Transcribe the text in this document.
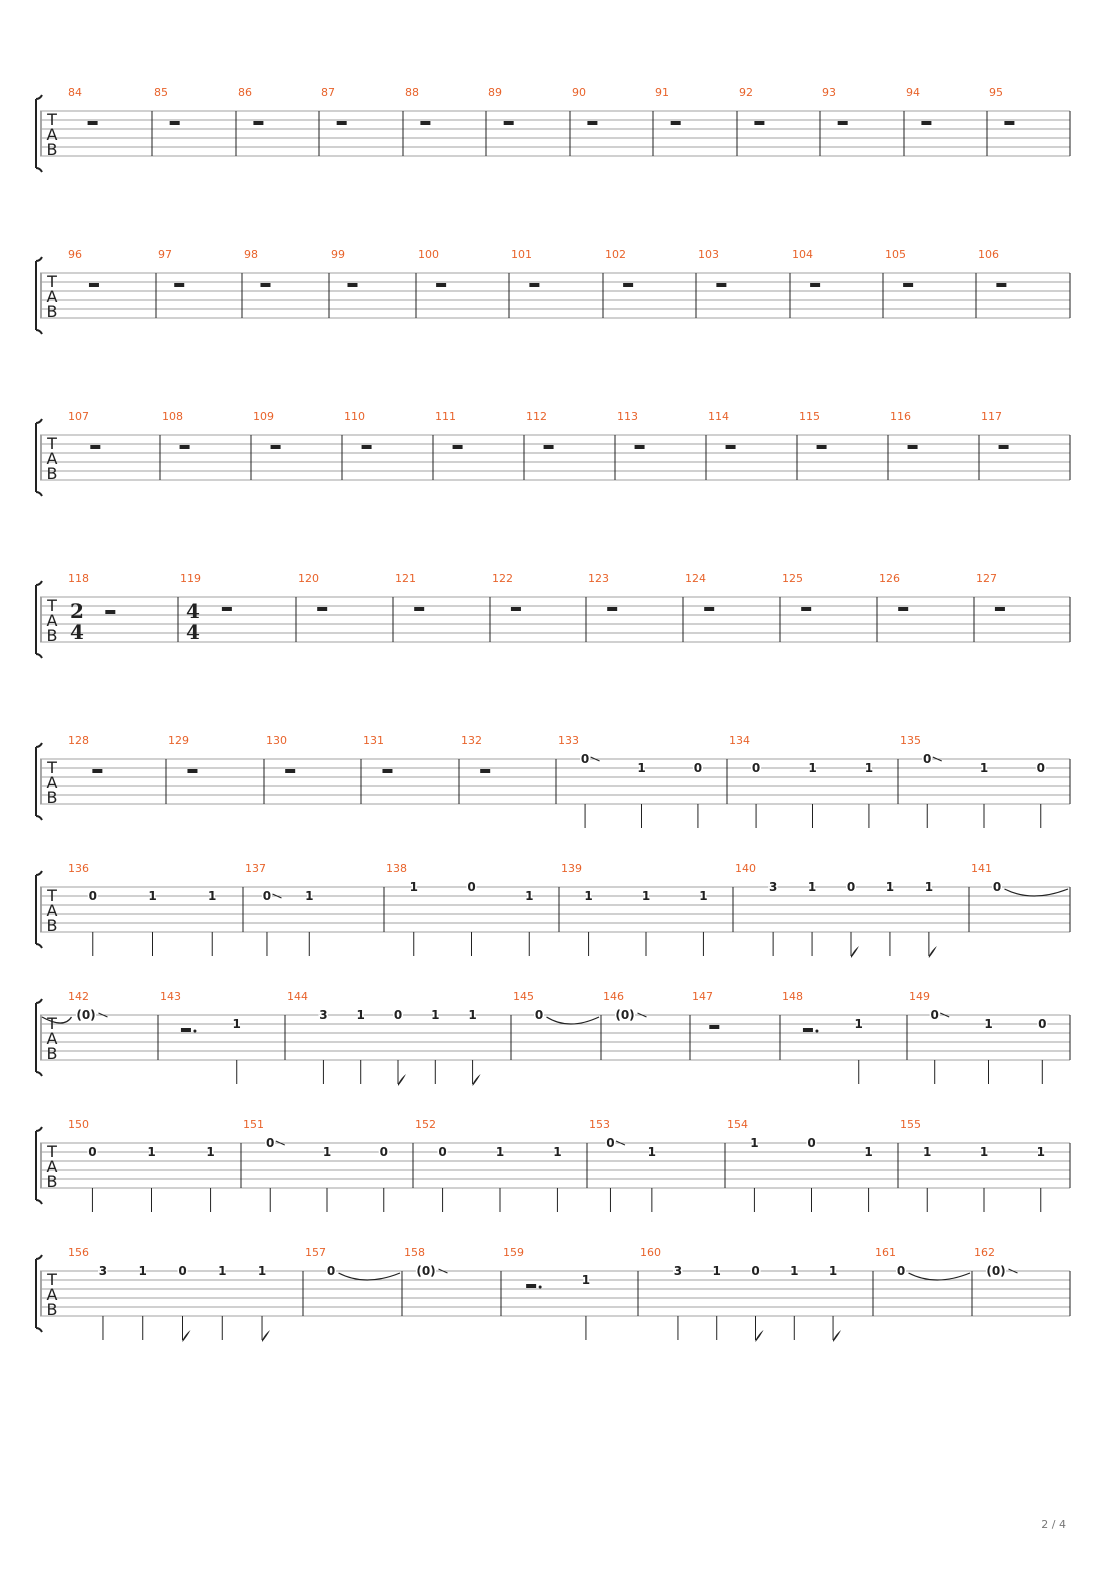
T
A
B
84	85	86	87	88	89	90	91	92	93	94	95
T
A
B
96	97	98	99	100	101	102	103	104	105	106
T
A
B
107	108	109	110	111	112	113	114	115	116	117
T
A
B
118
2
4
119
4
4
120	121	122	123	124	125	126	127
T
A
B
128	129	130	131	132	133
0
1	0
134
0	1	1
135
0
1	0
T
A
B
136
0	1	1
137
0	1
138
1	0
1
139
1	1	1
140
3	1	0	1	1
141
0
T
A
B
142
(0)
143
1
144
3 1 0 1 1
145
0
146
(0)
147	148
1
149
0
1	0
T
A
B
150
0	1	1
151
0
1	0
152
0	1	1
153
0
1
154
1	0
1
155
1	1	1
T
A
B
156
3	1	0	1	1
157
0
158
(0)
159
1
160
3	1	0	1	1
161
0
162
(0)
2 / 4
